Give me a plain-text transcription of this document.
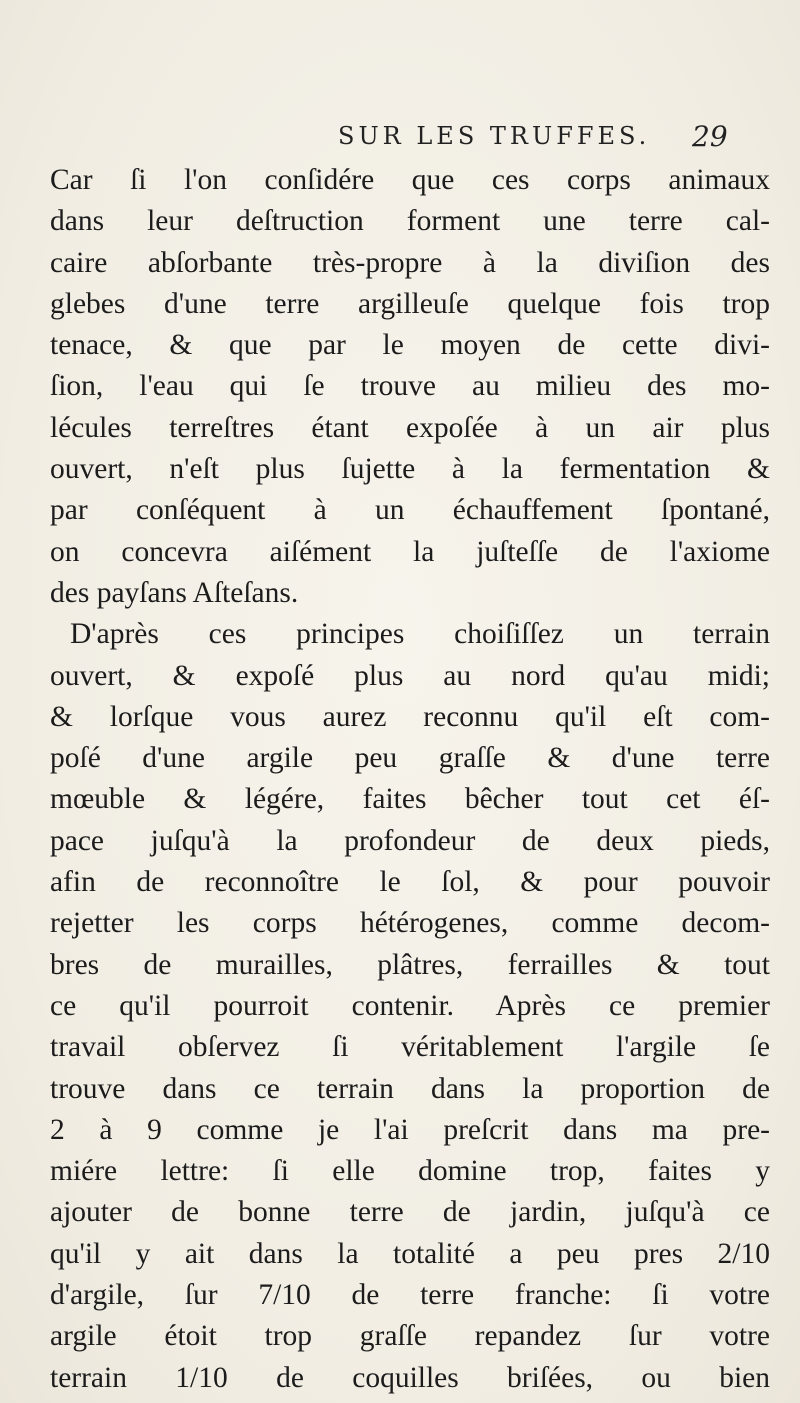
SUR LES TRUFFES. 29
Car ſi l'on conſidére que ces corps animaux
dans leur deſtruction forment une terre cal-
caire abſorbante très-propre à la diviſion des
glebes d'une terre argilleuſe quelque fois trop
tenace, & que par le moyen de cette divi-
ſion, l'eau qui ſe trouve au milieu des mo-
lécules terreſtres étant expoſée à un air plus
ouvert, n'eſt plus ſujette à la fermentation &
par conſéquent à un échauffement ſpontané,
on concevra aiſément la juſteſſe de l'axiome
des payſans Aſteſans.
D'après ces principes choiſiſſez un terrain
ouvert, & expoſé plus au nord qu'au midi;
& lorſque vous aurez reconnu qu'il eſt com-
poſé d'une argile peu graſſe & d'une terre
mœuble & légére, faites bêcher tout cet éſ-
pace juſqu'à la profondeur de deux pieds,
afin de reconnoître le ſol, & pour pouvoir
rejetter les corps hétérogenes, comme decom-
bres de murailles, plâtres, ferrailles & tout
ce qu'il pourroit contenir. Après ce premier
travail obſervez ſi véritablement l'argile ſe
trouve dans ce terrain dans la proportion de
2 à 9 comme je l'ai preſcrit dans ma pre-
miére lettre: ſi elle domine trop, faites y
ajouter de bonne terre de jardin, juſqu'à ce
qu'il y ait dans la totalité a peu pres 2/10
d'argile, ſur 7/10 de terre franche: ſi votre
argile étoit trop graſſe repandez ſur votre
terrain 1/10 de coquilles briſées, ou bien
